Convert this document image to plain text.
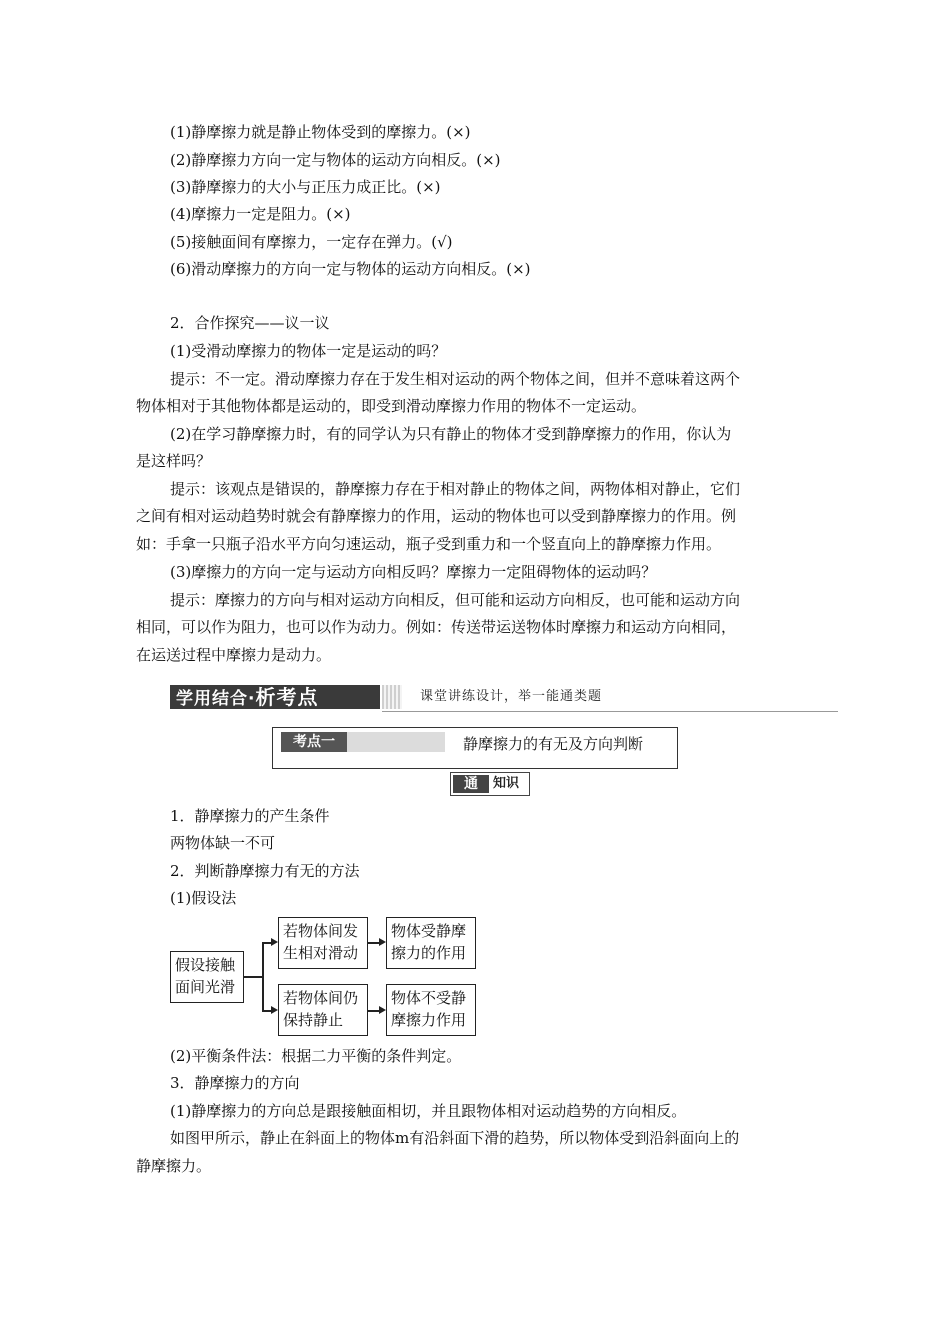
(1)静摩擦力就是静止物体受到的摩擦力。(×)
(2)静摩擦力方向一定与物体的运动方向相反。(×)
(3)静摩擦力的大小与正压力成正比。(×)
(4)摩擦力一定是阻力。(×)
(5)接触面间有摩擦力，一定存在弹力。(√)
(6)滑动摩擦力的方向一定与物体的运动方向相反。(×)
2．合作探究——议一议
(1)受滑动摩擦力的物体一定是运动的吗？
提示：不一定。滑动摩擦力存在于发生相对运动的两个物体之间，但并不意味着这两个
物体相对于其他物体都是运动的，即受到滑动摩擦力作用的物体不一定运动。
(2)在学习静摩擦力时，有的同学认为只有静止的物体才受到静摩擦力的作用，你认为
是这样吗？
提示：该观点是错误的，静摩擦力存在于相对静止的物体之间，两物体相对静止，它们
之间有相对运动趋势时就会有静摩擦力的作用，运动的物体也可以受到静摩擦力的作用。例
如：手拿一只瓶子沿水平方向匀速运动，瓶子受到重力和一个竖直向上的静摩擦力作用。
(3)摩擦力的方向一定与运动方向相反吗？摩擦力一定阻碍物体的运动吗？
提示：摩擦力的方向与相对运动方向相反，但可能和运动方向相反，也可能和运动方向
相同，可以作为阻力，也可以作为动力。例如：传送带运送物体时摩擦力和运动方向相同，
在运送过程中摩擦力是动力。
学用结合·析考点	课堂讲练设计，举一能通类题
考点一	静摩擦力的有无及方向判断
通	知识
1．静摩擦力的产生条件
两物体缺一不可
2．判断静摩擦力有无的方法
(1)假设法
假设接触
面间光滑
若物体间发
生相对滑动
物体受静摩
擦力的作用
若物体间仍
保持静止
物体不受静
摩擦力作用
(2)平衡条件法：根据二力平衡的条件判定。
3．静摩擦力的方向
(1)静摩擦力的方向总是跟接触面相切，并且跟物体相对运动趋势的方向相反。
如图甲所示，静止在斜面上的物体m有沿斜面下滑的趋势，所以物体受到沿斜面向上的
静摩擦力。
